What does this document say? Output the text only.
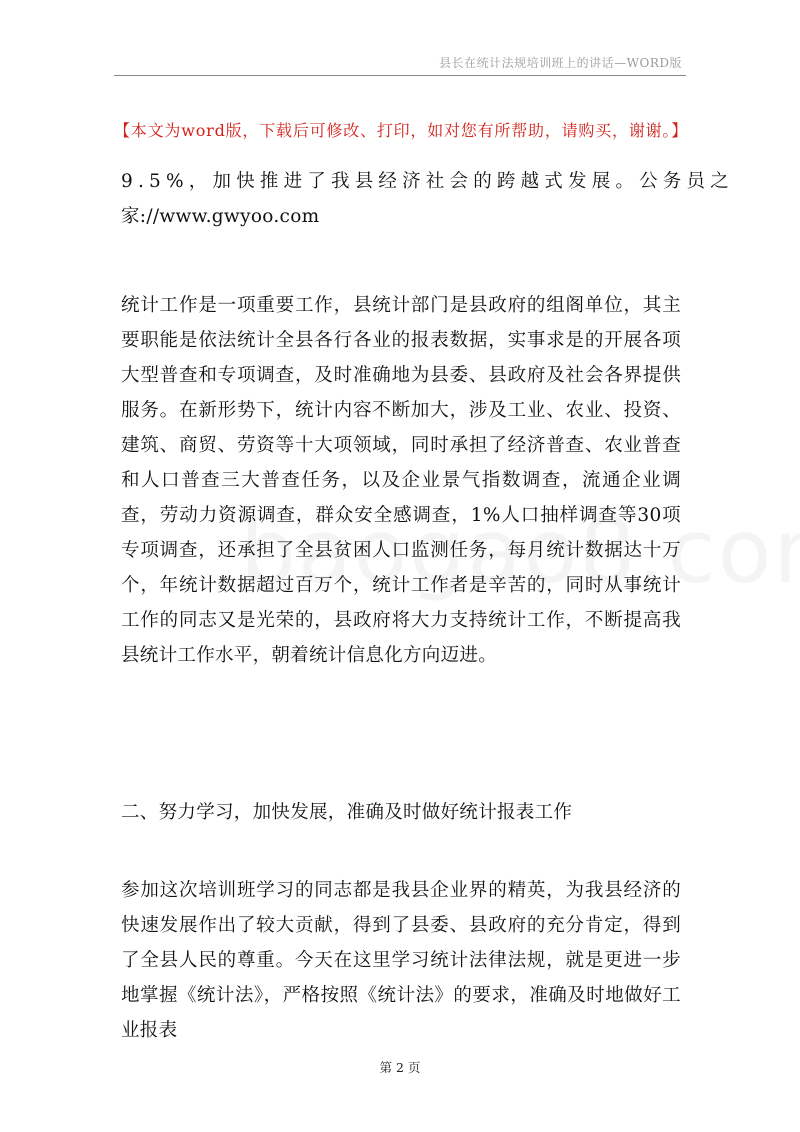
县长在统计法规培训班上的讲话—WORD版
【本文为word版，下载后可修改、打印，如对您有所帮助，请购买，谢谢。】

9.5%，加快推进了我县经济社会的跨越式发展。公务员之
家://www.gwyoo.com

统计工作是一项重要工作，县统计部门是县政府的组阁单位，其主要职能是依法统计全县各行各业的报表数据，实事求是的开展各项大型普查和专项调查，及时准确地为县委、县政府及社会各界提供服务。在新形势下，统计内容不断加大，涉及工业、农业、投资、建筑、商贸、劳资等十大项领域，同时承担了经济普查、农业普查和人口普查三大普查任务，以及企业景气指数调查，流通企业调查，劳动力资源调查，群众安全感调查，1%人口抽样调查等30项专项调查，还承担了全县贫困人口监测任务，每月统计数据达十万个，年统计数据超过百万个，统计工作者是辛苦的，同时从事统计工作的同志又是光荣的，县政府将大力支持统计工作，不断提高我县统计工作水平，朝着统计信息化方向迈进。

二、努力学习，加快发展，准确及时做好统计报表工作

参加这次培训班学习的同志都是我县企业界的精英，为我县经济的快速发展作出了较大贡献，得到了县委、县政府的充分肯定，得到了全县人民的尊重。今天在这里学习统计法律法规，就是更进一步地掌握《统计法》，严格按照《统计法》的要求，准确及时地做好工业报表

第 2 页
